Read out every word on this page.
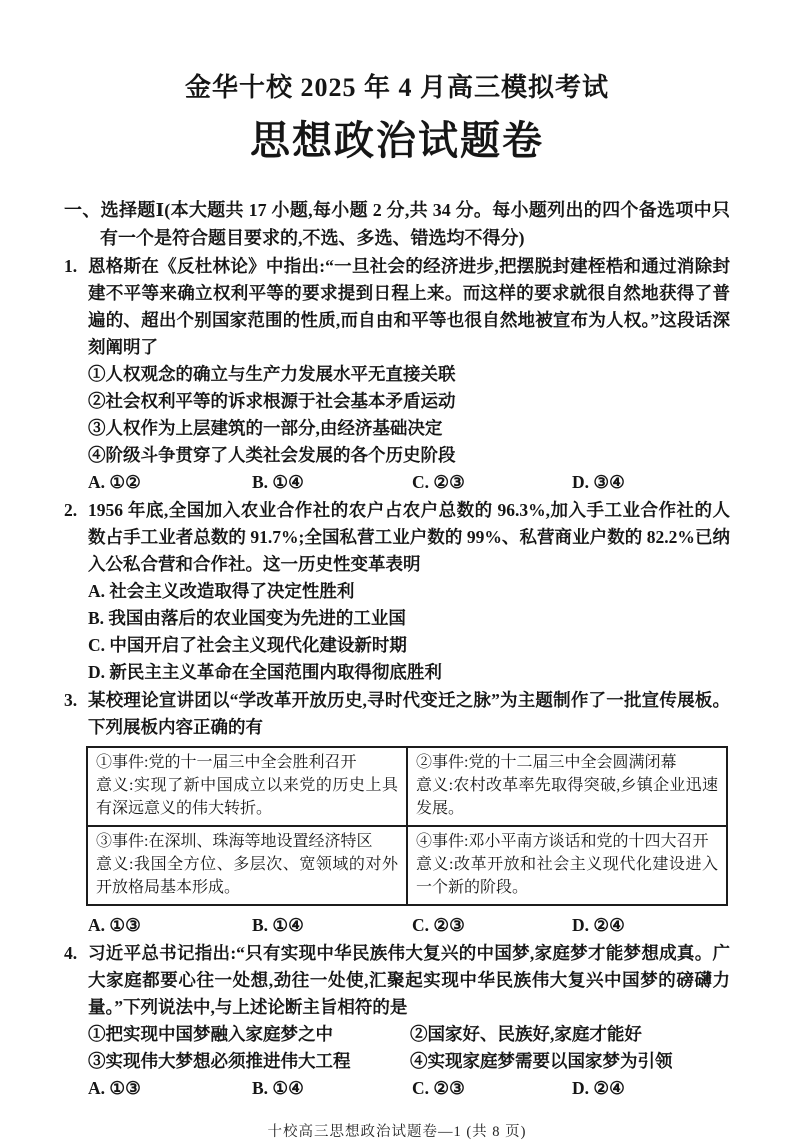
金华十校 2025 年 4 月高三模拟考试
思想政治试题卷
一、选择题Ⅰ(本大题共 17 小题,每小题 2 分,共 34 分。每小题列出的四个备选项中只有一个是符合题目要求的,不选、多选、错选均不得分)
1. 恩格斯在《反杜林论》中指出:“一旦社会的经济进步,把摆脱封建桎梏和通过消除封建不平等来确立权利平等的要求提到日程上来。而这样的要求就很自然地获得了普遍的、超出个别国家范围的性质,而自由和平等也很自然地被宣布为人权。”这段话深刻阐明了

①人权观念的确立与生产力发展水平无直接关联
②社会权利平等的诉求根源于社会基本矛盾运动
③人权作为上层建筑的一部分,由经济基础决定
④阶级斗争贯穿了人类社会发展的各个历史阶段
A. ①②	B. ①④	C. ②③	D. ③④
2. 1956 年底,全国加入农业合作社的农户占农户总数的 96.3%,加入手工业合作社的人数占手工业者总数的 91.7%;全国私营工业户数的 99%、私营商业户数的 82.2%已纳入公私合营和合作社。这一历史性变革表明

A. 社会主义改造取得了决定性胜利
B. 我国由落后的农业国变为先进的工业国
C. 中国开启了社会主义现代化建设新时期
D. 新民主主义革命在全国范围内取得彻底胜利
3. 某校理论宣讲团以“学改革开放历史,寻时代变迁之脉”为主题制作了一批宣传展板。下列展板内容正确的有

①事件:党的十一届三中全会胜利召开
意义:实现了新中国成立以来党的历史上具有深远意义的伟大转折。

②事件:党的十二届三中全会圆满闭幕
意义:农村改革率先取得突破,乡镇企业迅速发展。

③事件:在深圳、珠海等地设置经济特区
意义:我国全方位、多层次、宽领域的对外开放格局基本形成。

④事件:邓小平南方谈话和党的十四大召开
意义:改革开放和社会主义现代化建设进入一个新的阶段。
A. ①③	B. ①④	C. ②③	D. ②④
4. 习近平总书记指出:“只有实现中华民族伟大复兴的中国梦,家庭梦才能梦想成真。广大家庭都要心往一处想,劲往一处使,汇聚起实现中华民族伟大复兴中国梦的磅礴力量。”下列说法中,与上述论断主旨相符的是

①把实现中国梦融入家庭梦之中	②国家好、民族好,家庭才能好
③实现伟大梦想必须推进伟大工程	④实现家庭梦需要以国家梦为引领
A. ①③	B. ①④	C. ②③	D. ②④
十校高三思想政治试题卷—1 (共 8 页)
